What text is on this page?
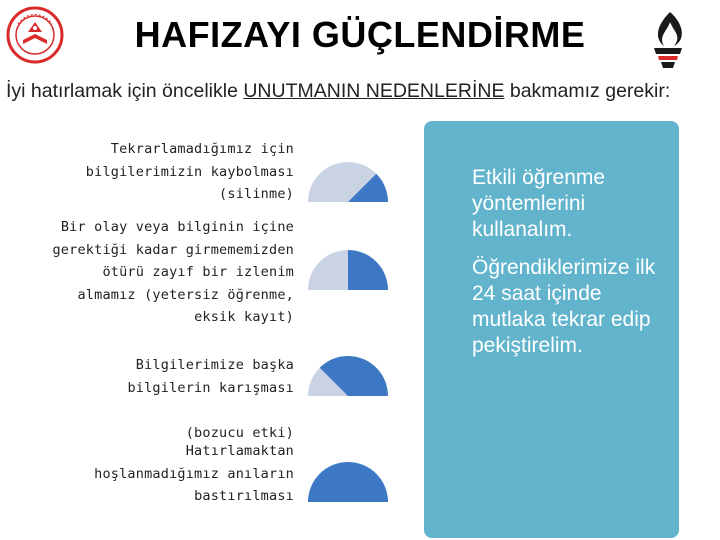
HAFIZAYI GÜÇLENDİRME
İyi hatırlamak için öncelikle UNUTMANIN NEDENLERİNE bakmamız gerekir:
Tekrarlamadığımız için
bilgilerimizin kaybolması
(silinme)
Bir olay veya bilginin içine
gerektiği kadar girmememizden
ötürü zayıf bir izlenim
almamız (yetersiz öğrenme,
eksik kayıt)
Bilgilerimize başka
bilgilerin karışması

(bozucu etki)
Hatırlamaktan
hoşlanmadığımız anıların
bastırılması

Etkili öğrenme yöntemlerini kullanalım.

Öğrendiklerimize ilk 24 saat içinde mutlaka tekrar edip pekiştirelim.
